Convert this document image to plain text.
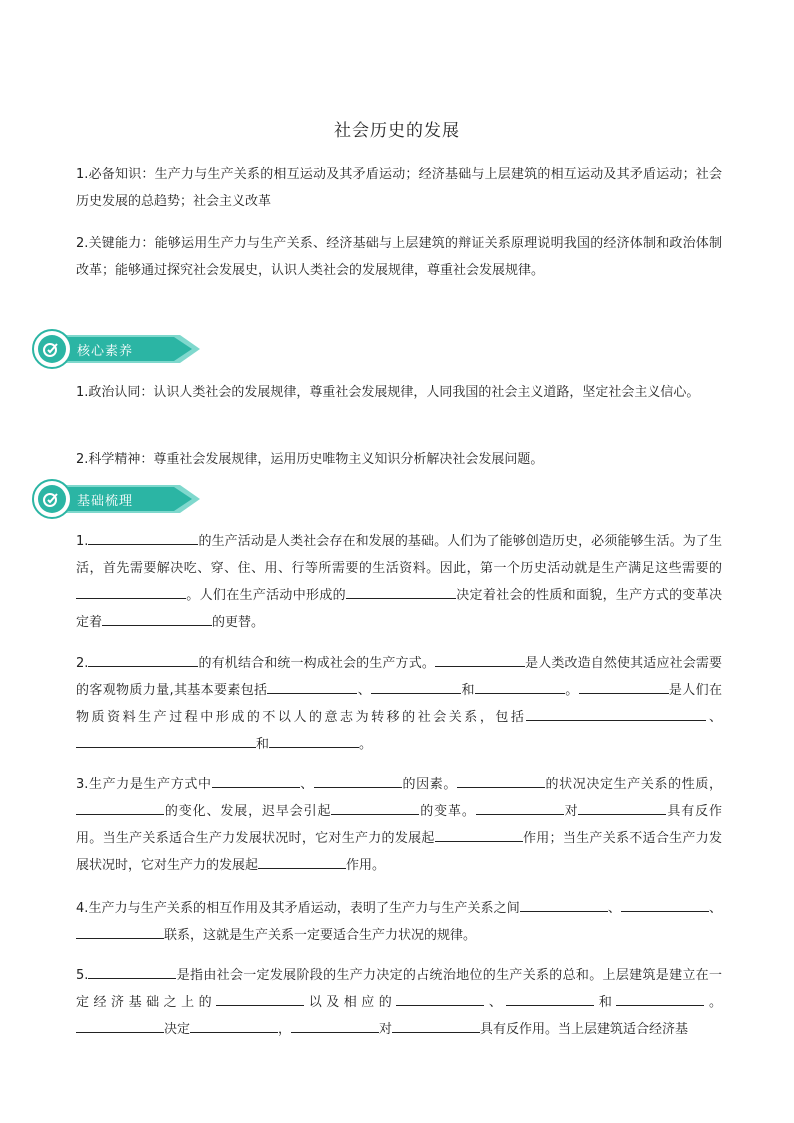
社会历史的发展
1.必备知识：生产力与生产关系的相互运动及其矛盾运动；经济基础与上层建筑的相互运动及其矛盾运动；社会历史发展的总趋势；社会主义改革
2.关键能力：能够运用生产力与生产关系、经济基础与上层建筑的辩证关系原理说明我国的经济体制和政治体制改革；能够通过探究社会发展史，认识人类社会的发展规律，尊重社会发展规律。
核心素养
1.政治认同：认识人类社会的发展规律，尊重社会发展规律，人同我国的社会主义道路，坚定社会主义信心。
2.科学精神：尊重社会发展规律，运用历史唯物主义知识分析解决社会发展问题。
基础梳理
1.	的生产活动是人类社会存在和发展的基础。人们为了能够创造历史，必须能够生活。为了生活，首先需要解决吃、穿、住、用、行等所需要的生活资料。因此，第一个历史活动就是生产满足这些需要的。人们在生产活动中形成的	决定着社会的性质和面貌，生产方式的变革决定着	的更替。
2.	的有机结合和统一构成社会的生产方式。	是人类改造自然使其适应社会需要的客观物质力量,其基本要素包括	、	和	。	是人们在物质资料生产过程中形成的不以人的意志为转移的社会关系，包括	、和	。
3.生产力是生产方式中	、	的因素。	的状况决定生产关系的性质，的变化、发展，迟早会引起	的变革。	对	具有反作用。当生产关系适合生产力发展状况时，它对生产力的发展起	作用；当生产关系不适合生产力发展状况时，它对生产力的发展起	作用。
4.生产力与生产关系的相互作用及其矛盾运动，表明了生产力与生产关系之间	、	、联系，这就是生产关系一定要适合生产力状况的规律。
5.	是指由社会一定发展阶段的生产力决定的占统治地位的生产关系的总和。上层建筑是建立在一定经济基础之上的	以及相应的	、	和	。决定	，	对	具有反作用。当上层建筑适合经济基
